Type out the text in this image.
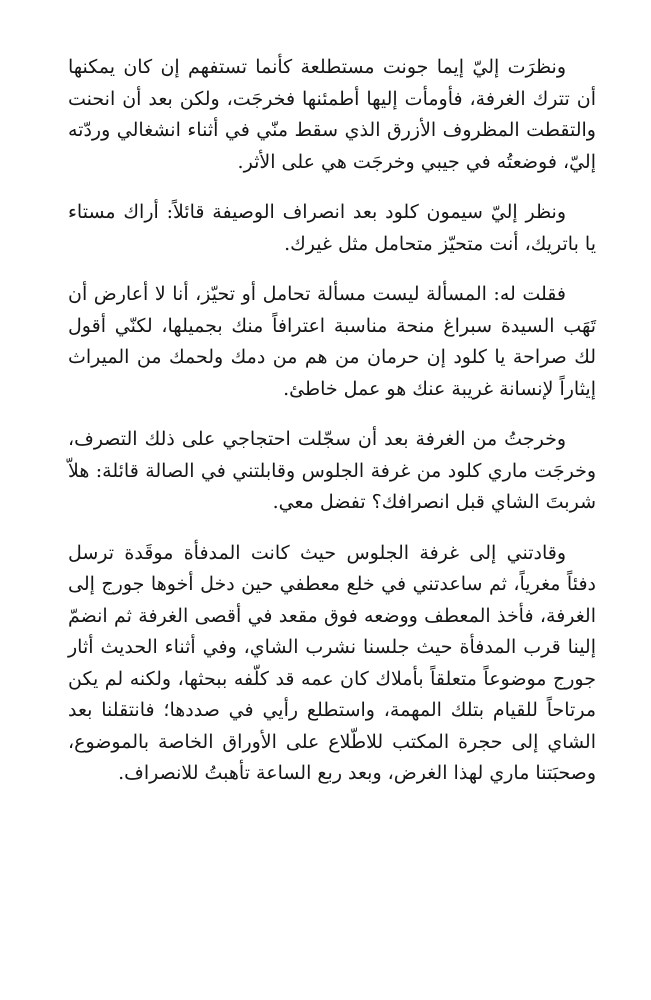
ونظرَت إليّ إيما جونت مستطلعة كأنما تستفهم إن كان يمكنها أن تترك الغرفة، فأومأت إليها أطمئنها فخرجَت، ولكن بعد أن انحنت والتقطت المظروف الأزرق الذي سقط منّي في أثناء انشغالي وردّته إليّ، فوضعتُه في جيبي وخرجَت هي على الأثر.

ونظر إليّ سيمون كلود بعد انصراف الوصيفة قائلاً: أراك مستاء يا باتريك، أنت متحيّز متحامل مثل غيرك.

فقلت له: المسألة ليست مسألة تحامل أو تحيّز، أنا لا أعارض أن تَهَب السيدة سبراغ منحة مناسبة اعترافاً منك بجميلها، لكنّي أقول لك صراحة يا كلود إن حرمان من هم من دمك ولحمك من الميراث إيثاراً لإنسانة غريبة عنك هو عمل خاطئ.

وخرجتُ من الغرفة بعد أن سجّلت احتجاجي على ذلك التصرف، وخرجَت ماري كلود من غرفة الجلوس وقابلتني في الصالة قائلة: هلاّ شربتَ الشاي قبل انصرافك؟ تفضل معي.

وقادتني إلى غرفة الجلوس حيث كانت المدفأة موقَدة ترسل دفئاً مغرياً، ثم ساعدتني في خلع معطفي حين دخل أخوها جورج إلى الغرفة، فأخذ المعطف ووضعه فوق مقعد في أقصى الغرفة ثم انضمّ إلينا قرب المدفأة حيث جلسنا نشرب الشاي، وفي أثناء الحديث أثار جورج موضوعاً متعلقاً بأملاك كان عمه قد كلّفه ببحثها، ولكنه لم يكن مرتاحاً للقيام بتلك المهمة، واستطلع رأيي في صددها؛ فانتقلنا بعد الشاي إلى حجرة المكتب للاطّلاع على الأوراق الخاصة بالموضوع، وصحبَتنا ماري لهذا الغرض، وبعد ربع الساعة تأهبتُ للانصراف.
